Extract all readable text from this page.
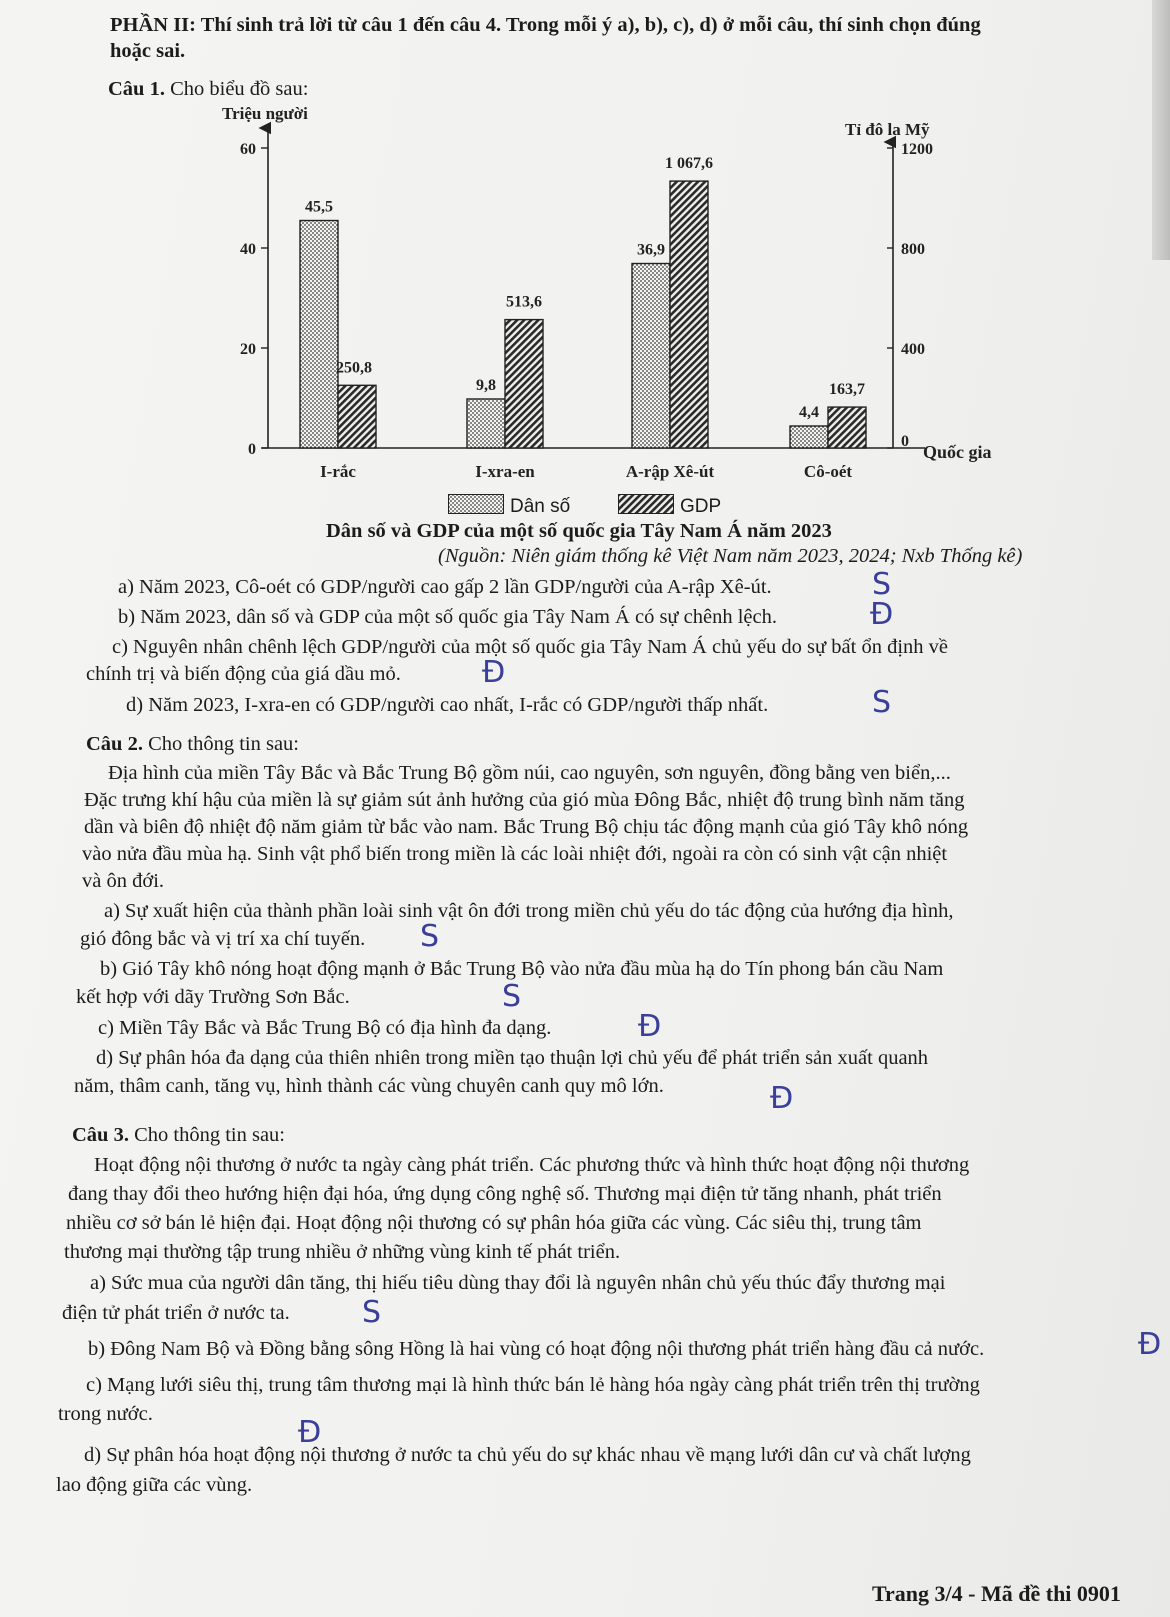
PHẦN II: Thí sinh trả lời từ câu 1 đến câu 4. Trong mỗi ý a), b), c), d) ở mỗi câu, thí sinh chọn đúng
hoặc sai.
Câu 1. Cho biểu đồ sau:
Triệu người
Tỉ đô la Mỹ
Quốc gia
0
20
40
60
0
400
800
1200
45,5
250,8
I-rắc
9,8
513,6
I-xra-en
36,9
1 067,6
A-rập Xê-út
4,4
163,7
Cô-oét
Dân số	GDP
Dân số và GDP của một số quốc gia Tây Nam Á năm 2023
(Nguồn: Niên giám thống kê Việt Nam năm 2023, 2024; Nxb Thống kê)
a) Năm 2023, Cô-oét có GDP/người cao gấp 2 lần GDP/người của A-rập Xê-út.	S
b) Năm 2023, dân số và GDP của một số quốc gia Tây Nam Á có sự chênh lệch.	Đ
c) Nguyên nhân chênh lệch GDP/người của một số quốc gia Tây Nam Á chủ yếu do sự bất ổn định về
chính trị và biến động của giá dầu mỏ.	Đ
d) Năm 2023, I-xra-en có GDP/người cao nhất, I-rắc có GDP/người thấp nhất.	S
Câu 2. Cho thông tin sau:
Địa hình của miền Tây Bắc và Bắc Trung Bộ gồm núi, cao nguyên, sơn nguyên, đồng bằng ven biển,...
Đặc trưng khí hậu của miền là sự giảm sút ảnh hưởng của gió mùa Đông Bắc, nhiệt độ trung bình năm tăng
dần và biên độ nhiệt độ năm giảm từ bắc vào nam. Bắc Trung Bộ chịu tác động mạnh của gió Tây khô nóng
vào nửa đầu mùa hạ. Sinh vật phổ biến trong miền là các loài nhiệt đới, ngoài ra còn có sinh vật cận nhiệt
và ôn đới.
a) Sự xuất hiện của thành phần loài sinh vật ôn đới trong miền chủ yếu do tác động của hướng địa hình,
gió đông bắc và vị trí xa chí tuyến. S
b) Gió Tây khô nóng hoạt động mạnh ở Bắc Trung Bộ vào nửa đầu mùa hạ do Tín phong bán cầu Nam
kết hợp với dãy Trường Sơn Bắc.	S
c) Miền Tây Bắc và Bắc Trung Bộ có địa hình đa dạng.	Đ
d) Sự phân hóa đa dạng của thiên nhiên trong miền tạo thuận lợi chủ yếu để phát triển sản xuất quanh
năm, thâm canh, tăng vụ, hình thành các vùng chuyên canh quy mô lớn.	Đ
Câu 3. Cho thông tin sau:
Hoạt động nội thương ở nước ta ngày càng phát triển. Các phương thức và hình thức hoạt động nội thương
đang thay đổi theo hướng hiện đại hóa, ứng dụng công nghệ số. Thương mại điện tử tăng nhanh, phát triển
nhiều cơ sở bán lẻ hiện đại. Hoạt động nội thương có sự phân hóa giữa các vùng. Các siêu thị, trung tâm
thương mại thường tập trung nhiều ở những vùng kinh tế phát triển.
a) Sức mua của người dân tăng, thị hiếu tiêu dùng thay đổi là nguyên nhân chủ yếu thúc đẩy thương mại
điện tử phát triển ở nước ta. S
b) Đông Nam Bộ và Đồng bằng sông Hồng là hai vùng có hoạt động nội thương phát triển hàng đầu cả nước.	Đ
c) Mạng lưới siêu thị, trung tâm thương mại là hình thức bán lẻ hàng hóa ngày càng phát triển trên thị trường
trong nước.
Đ
d) Sự phân hóa hoạt động nội thương ở nước ta chủ yếu do sự khác nhau về mạng lưới dân cư và chất lượng
lao động giữa các vùng.
Trang 3/4 - Mã đề thi 0901
